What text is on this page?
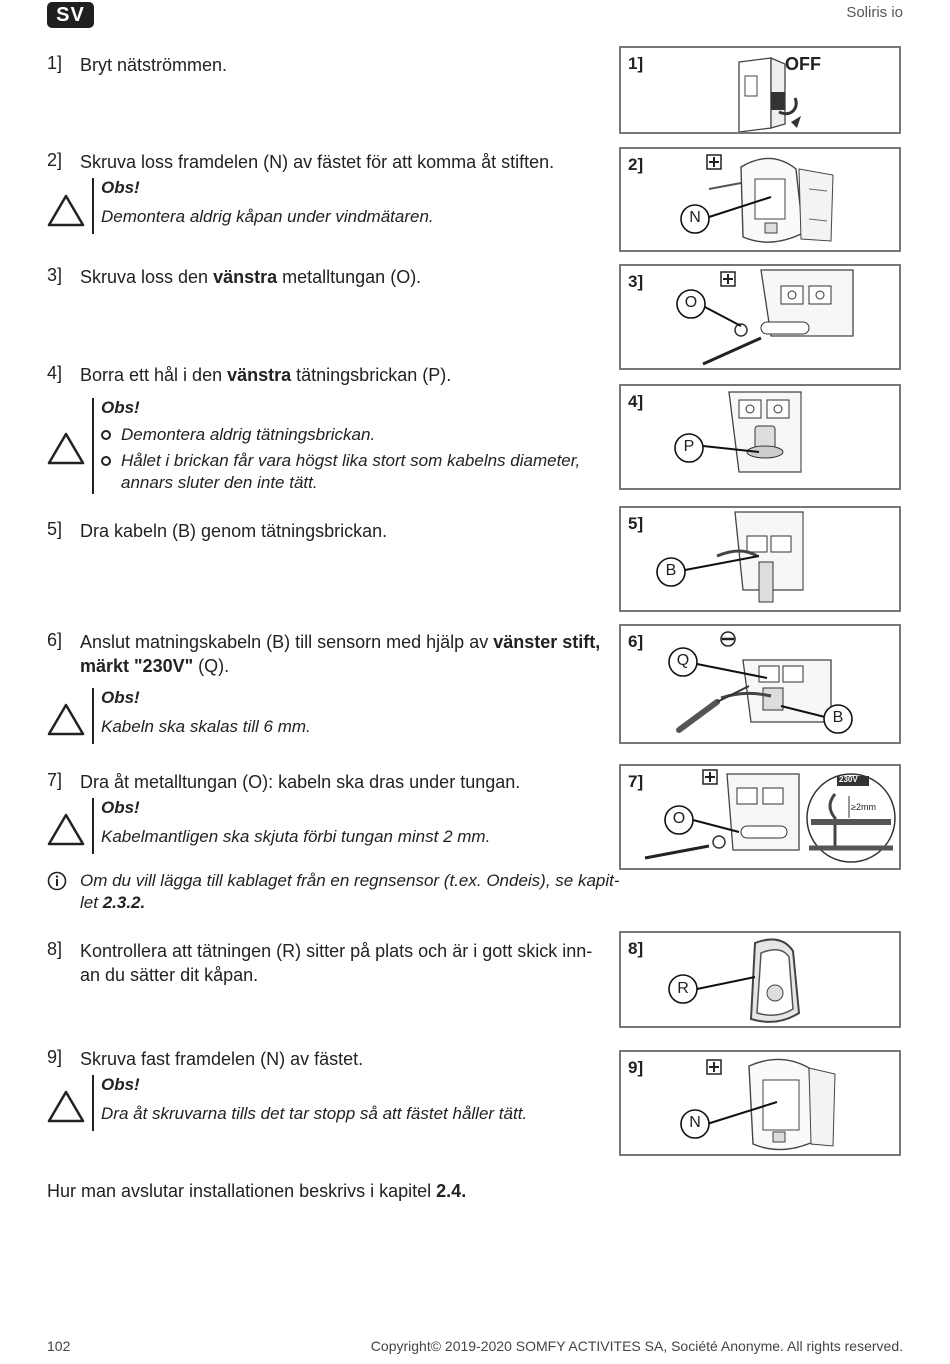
SV	Soliris io
1] Bryt nätströmmen.
2] Skruva loss framdelen (N) av fästet för att komma åt stiften.
Obs!
Demontera aldrig kåpan under vindmätaren.
3] Skruva loss den vänstra metalltungan (O).
4] Borra ett hål i den vänstra tätningsbrickan (P).
Obs!
Demontera aldrig tätningsbrickan.
Hålet i brickan får vara högst lika stort som kabelns diameter, annars sluter den inte tätt.
5] Dra kabeln (B) genom tätningsbrickan.
6] Anslut matningskabeln (B) till sensorn med hjälp av vänster stift, märkt "230V" (Q).
Obs!
Kabeln ska skalas till 6 mm.
7] Dra åt metalltungan (O): kabeln ska dras under tungan.
Obs!
Kabelmantligen ska skjuta förbi tungan minst 2 mm.
Om du vill lägga till kablaget från en regnsensor (t.ex. Ondeis), se kapit-
let 2.3.2.
8] Kontrollera att tätningen (R) sitter på plats och är i gott skick inn-
an du sätter dit kåpan.
9] Skruva fast framdelen (N) av fästet.
Obs!
Dra åt skruvarna tills det tar stopp så att fästet håller tätt.
Hur man avslutar installationen beskrivs i kapitel 2.4.
1]	OFF
2]
N
3]
O
4]
P
5]
B
6]
Q
B
7]
O
230V
≥2mm
8]
R
9]
N
102	Copyright© 2019-2020 SOMFY ACTIVITES SA, Société Anonyme. All rights reserved.
